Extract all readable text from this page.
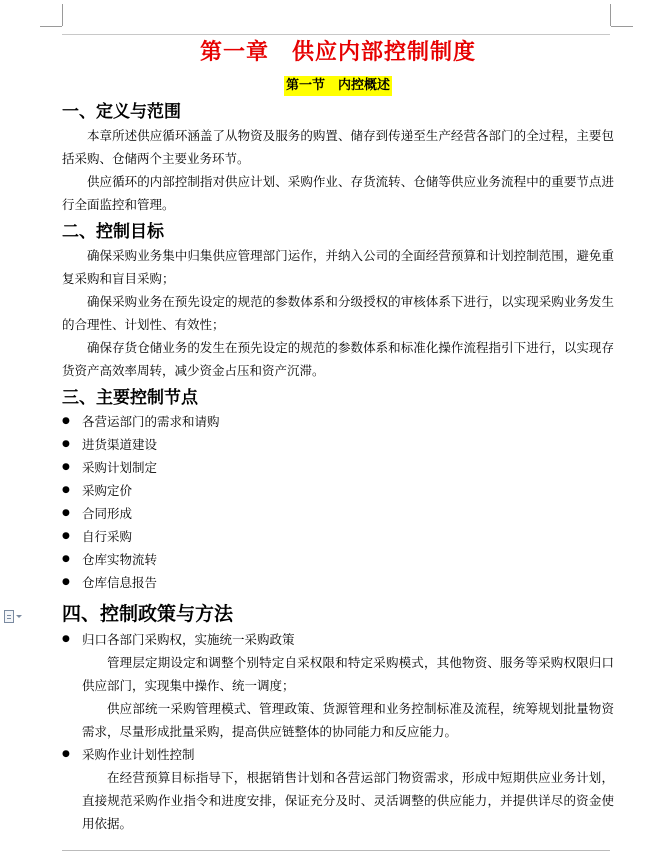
第一章　供应内部控制制度
第一节　内控概述
一、定义与范围

本章所述供应循环涵盖了从物资及服务的购置、储存到传递至生产经营各部门的全过程，主要包括采购、仓储两个主要业务环节。

供应循环的内部控制指对供应计划、采购作业、存货流转、仓储等供应业务流程中的重要节点进行全面监控和管理。

二、控制目标

确保采购业务集中归集供应管理部门运作，并纳入公司的全面经营预算和计划控制范围，避免重复采购和盲目采购；

确保采购业务在预先设定的规范的参数体系和分级授权的审核体系下进行，以实现采购业务发生的合理性、计划性、有效性；

确保存货仓储业务的发生在预先设定的规范的参数体系和标准化操作流程指引下进行，以实现存货资产高效率周转，减少资金占压和资产沉滞。

三、主要控制节点
● 各营运部门的需求和请购
● 进货渠道建设
● 采购计划制定
● 采购定价
● 合同形成
● 自行采购
● 仓库实物流转
● 仓库信息报告
四、控制政策与方法
● 归口各部门采购权，实施统一采购政策

管理层定期设定和调整个别特定自采权限和特定采购模式，其他物资、服务等采购权限归口供应部门，实现集中操作、统一调度；

供应部统一采购管理模式、管理政策、货源管理和业务控制标准及流程，统筹规划批量物资需求，尽量形成批量采购，提高供应链整体的协同能力和反应能力。

● 采购作业计划性控制

在经营预算目标指导下，根据销售计划和各营运部门物资需求，形成中短期供应业务计划，直接规范采购作业指令和进度安排，保证充分及时、灵活调整的供应能力，并提供详尽的资金使用依据。
